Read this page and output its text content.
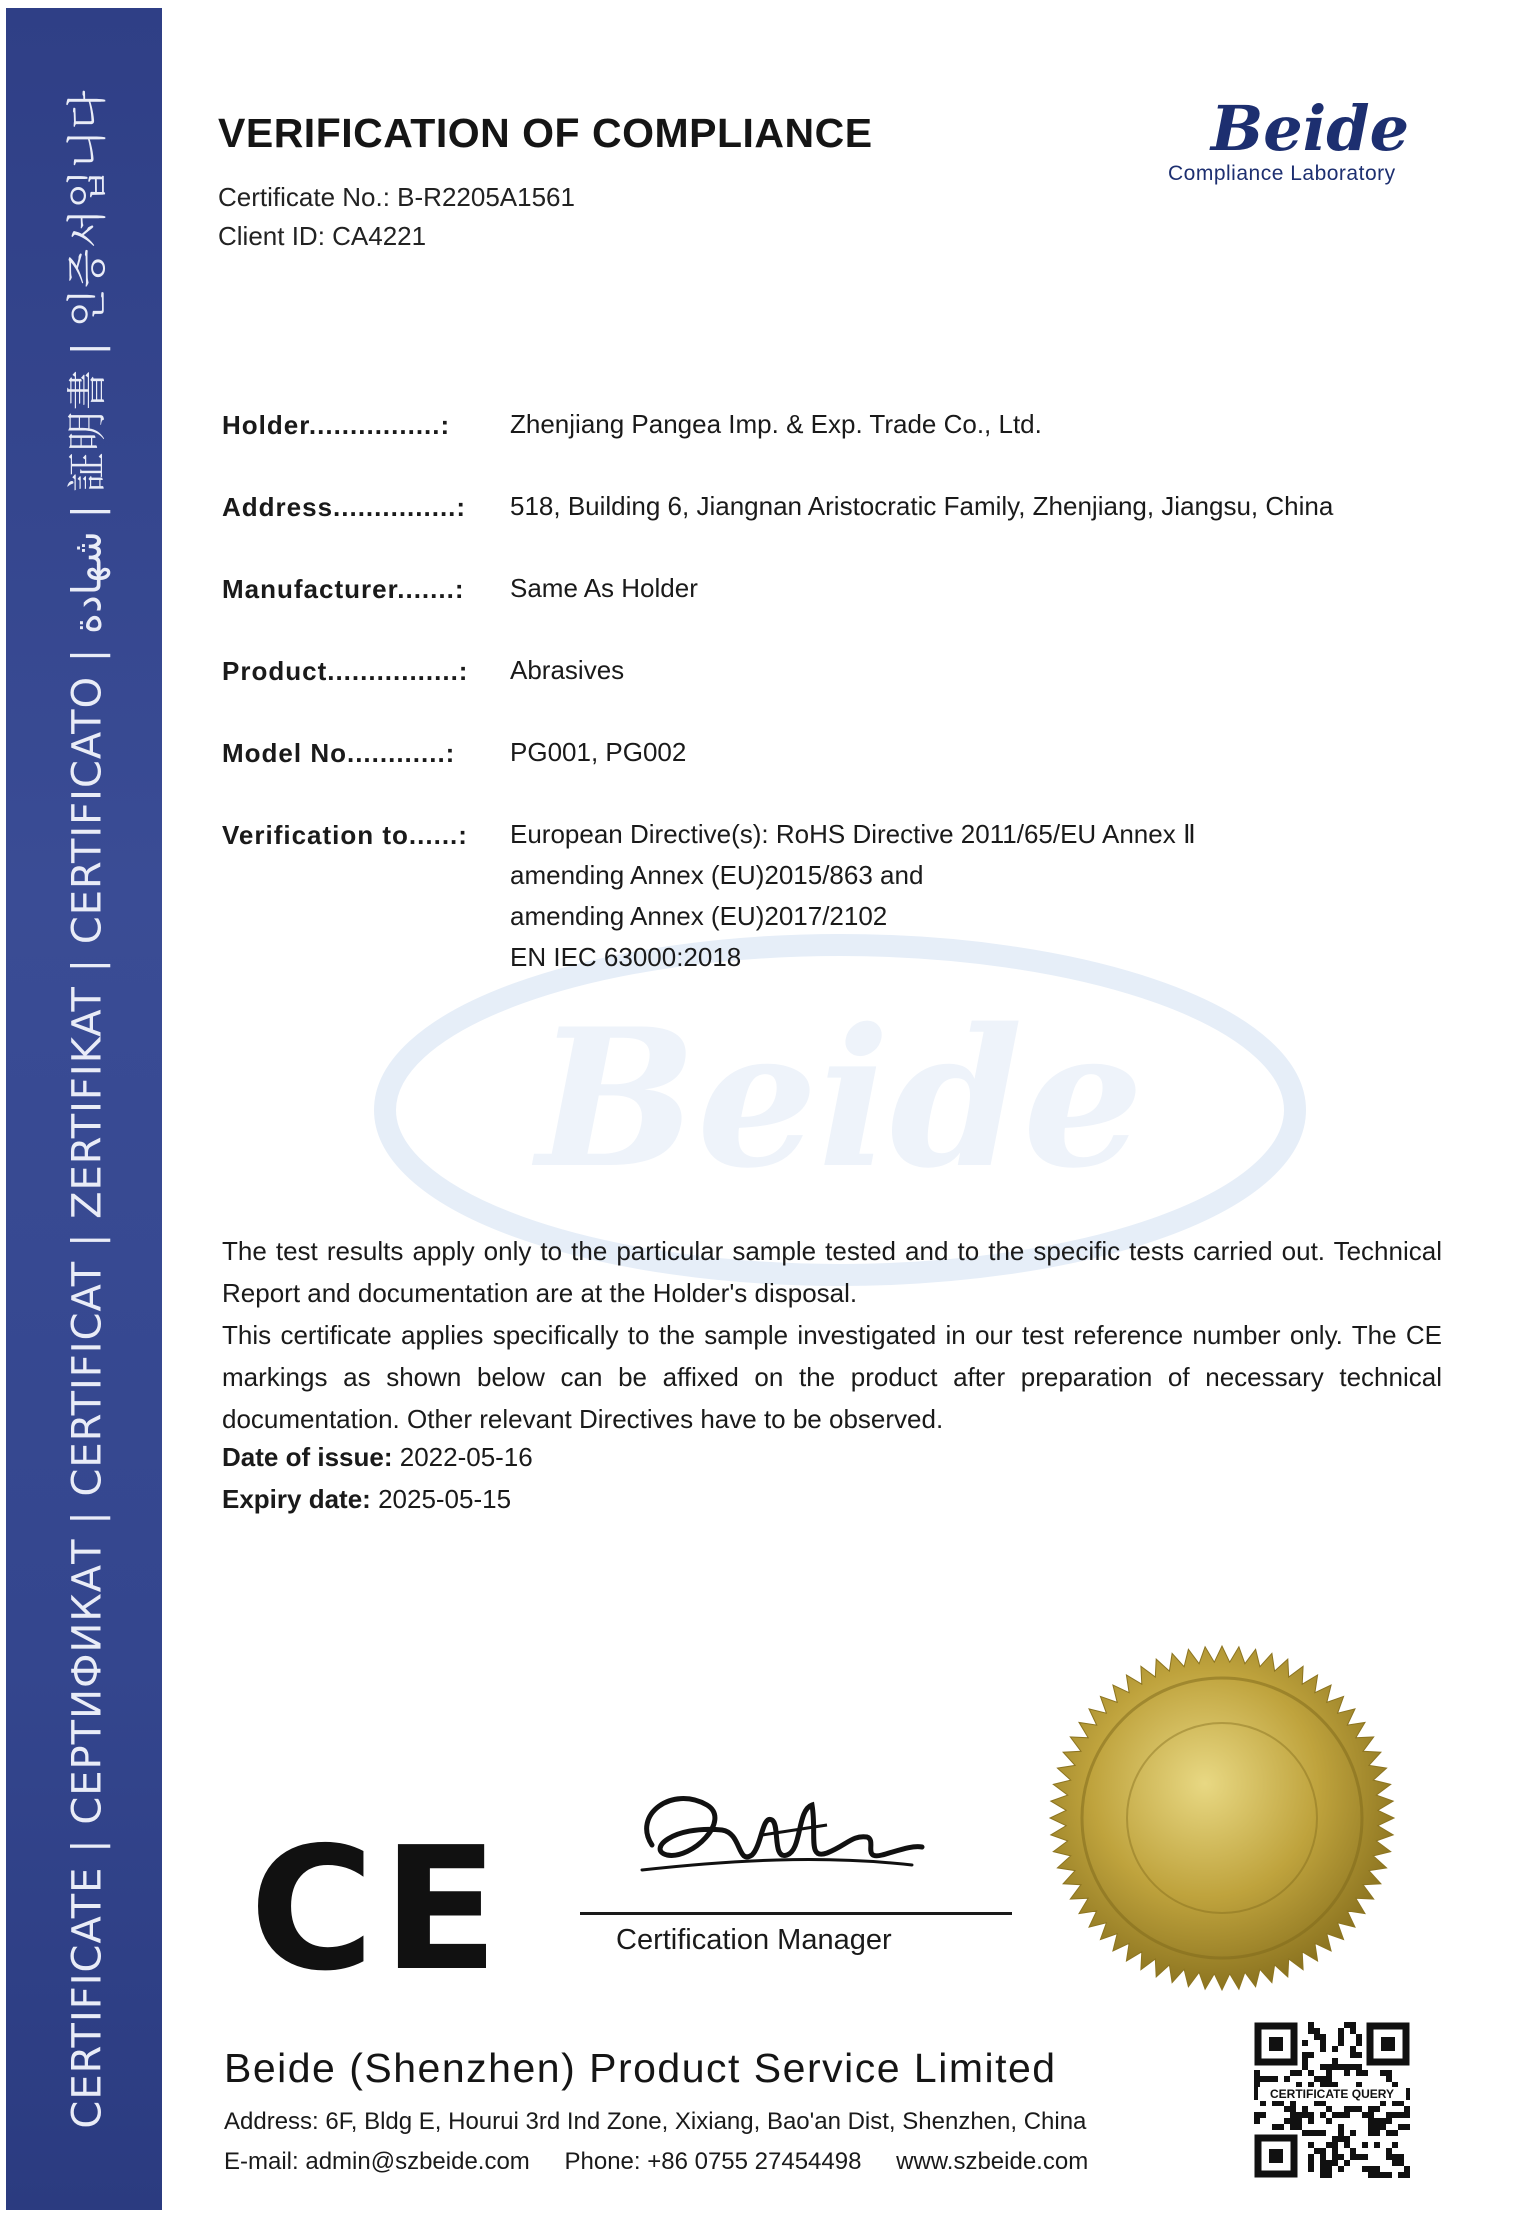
CERTIFICATE | СЕРТИФИКАТ | CERTIFICAT | ZERTIFIKAT | CERTIFICATO | شهادة | 証明書 | 인증서입니다
Beide
VERIFICATION OF COMPLIANCE
Certificate No.: B-R2205A1561
Client ID: CA4221
Beide
Compliance Laboratory
Holder................: Zhenjiang Pangea Imp. & Exp. Trade Co., Ltd.
Address...............: 518, Building 6, Jiangnan Aristocratic Family, Zhenjiang, Jiangsu, China
Manufacturer.......: Same As Holder
Product................: Abrasives
Model No............: PG001, PG002
Verification to......: European Directive(s): RoHS Directive 2011/65/EU Annex Ⅱ
amending Annex (EU)2015/863 and
amending Annex (EU)2017/2102
EN IEC 63000:2018

The test results apply only to the particular sample tested and to the specific tests carried out. Technical Report and documentation are at the Holder's disposal.

This certificate applies specifically to the sample investigated in our test reference number only. The CE markings as shown below can be affixed on the product after preparation of necessary technical documentation. Other relevant Directives have to be observed.

Date of issue: 2022-05-16
Expiry date: 2025-05-15
CE	Certification Manager
Beide (Shenzhen) Product Service Limited
Address: 6F, Bldg E, Hourui 3rd Ind Zone, Xixiang, Bao'an Dist, Shenzhen, China
E-mail: admin@szbeide.com Phone: +86 0755 27454498 www.szbeide.com
CERTIFICATE QUERY
